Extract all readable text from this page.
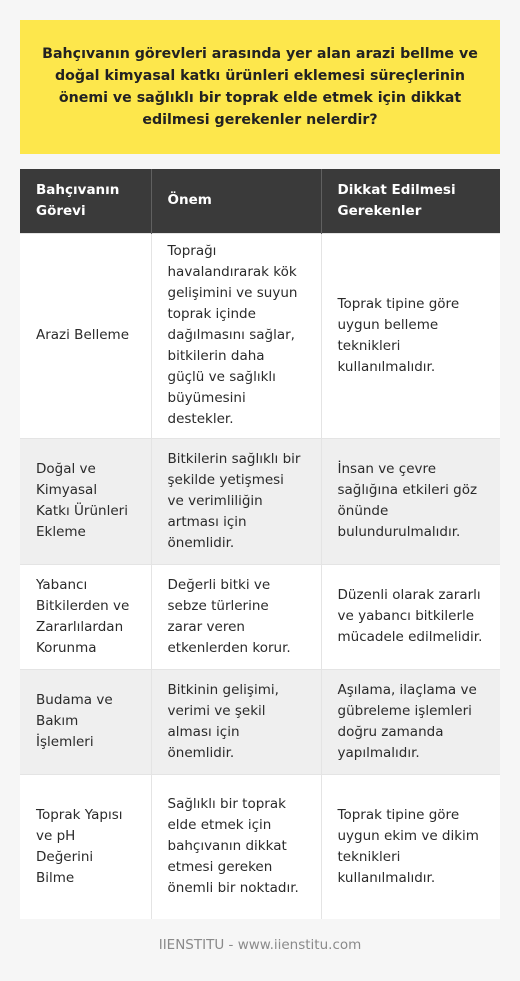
Bahçıvanın görevleri arasında yer alan arazi bellme ve doğal kimyasal katkı ürünleri eklemesi süreçlerinin önemi ve sağlıklı bir toprak elde etmek için dikkat edilmesi gerekenler nelerdir?

Bahçıvanın Görevi	Önem	Dikkat Edilmesi Gerekenler
Arazi Belleme	Toprağı havalandırarak kök gelişimini ve suyun toprak içinde dağılmasını sağlar, bitkilerin daha güçlü ve sağlıklı büyümesini destekler.	Toprak tipine göre uygun belleme teknikleri kullanılmalıdır.
Doğal ve Kimyasal Katkı Ürünleri Ekleme	Bitkilerin sağlıklı bir şekilde yetişmesi ve verimliliğin artması için önemlidir.	İnsan ve çevre sağlığına etkileri göz önünde bulundurulmalıdır.
Yabancı Bitkilerden ve Zararlılardan Korunma	Değerli bitki ve sebze türlerine zarar veren etkenlerden korur.	Düzenli olarak zararlı ve yabancı bitkilerle mücadele edilmelidir.
Budama ve Bakım İşlemleri	Bitkinin gelişimi, verimi ve şekil alması için önemlidir.	Aşılama, ilaçlama ve gübreleme işlemleri doğru zamanda yapılmalıdır.
Toprak Yapısı ve pH Değerini Bilme	Sağlıklı bir toprak elde etmek için bahçıvanın dikkat etmesi gereken önemli bir noktadır.	Toprak tipine göre uygun ekim ve dikim teknikleri kullanılmalıdır.
IIENSTITU - www.iienstitu.com
